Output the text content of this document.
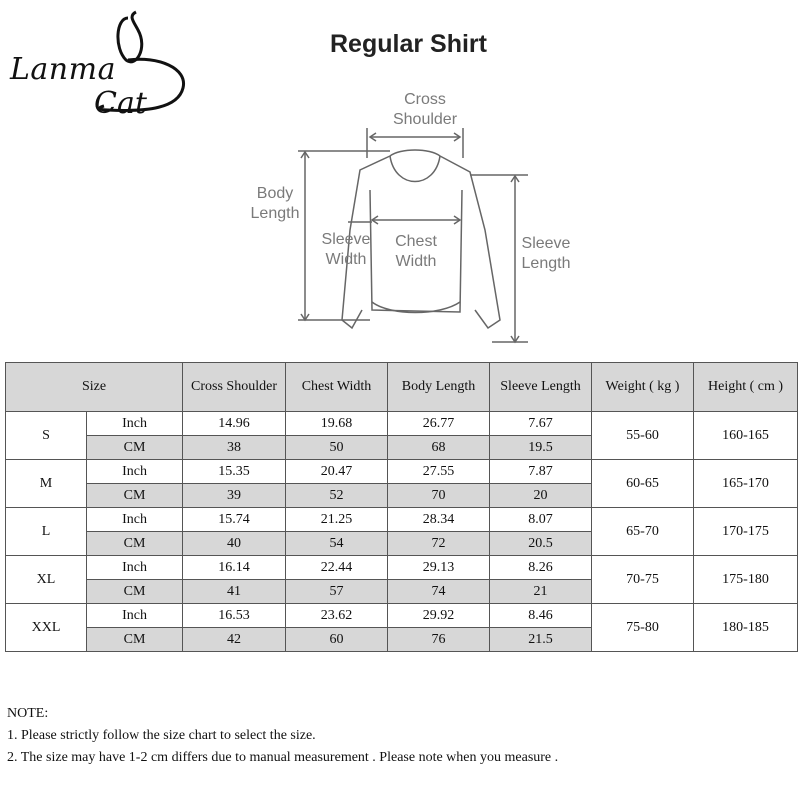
Lanma
Cat
Regular Shirt
Cross
Shoulder
Body
Length
Sleeve
Width
Chest
Width
Sleeve
Length
Size		Cross Shoulder	Chest Width	Body Length	Sleeve Length	Weight ( kg )	Height ( cm )
S	Inch	14.96	19.68	26.77	7.67	55-60	160-165
	CM	38	50	68	19.5		
M	Inch	15.35	20.47	27.55	7.87	60-65	165-170
	CM	39	52	70	20		
L	Inch	15.74	21.25	28.34	8.07	65-70	170-175
	CM	40	54	72	20.5		
XL	Inch	16.14	22.44	29.13	8.26	70-75	175-180
	CM	41	57	74	21		
XXL	Inch	16.53	23.62	29.92	8.46	75-80	180-185
	CM	42	60	76	21.5		
NOTE:
1. Please strictly follow the size chart to select the size.
2. The size may have 1-2 cm differs due to manual measurement . Please note when you measure .
